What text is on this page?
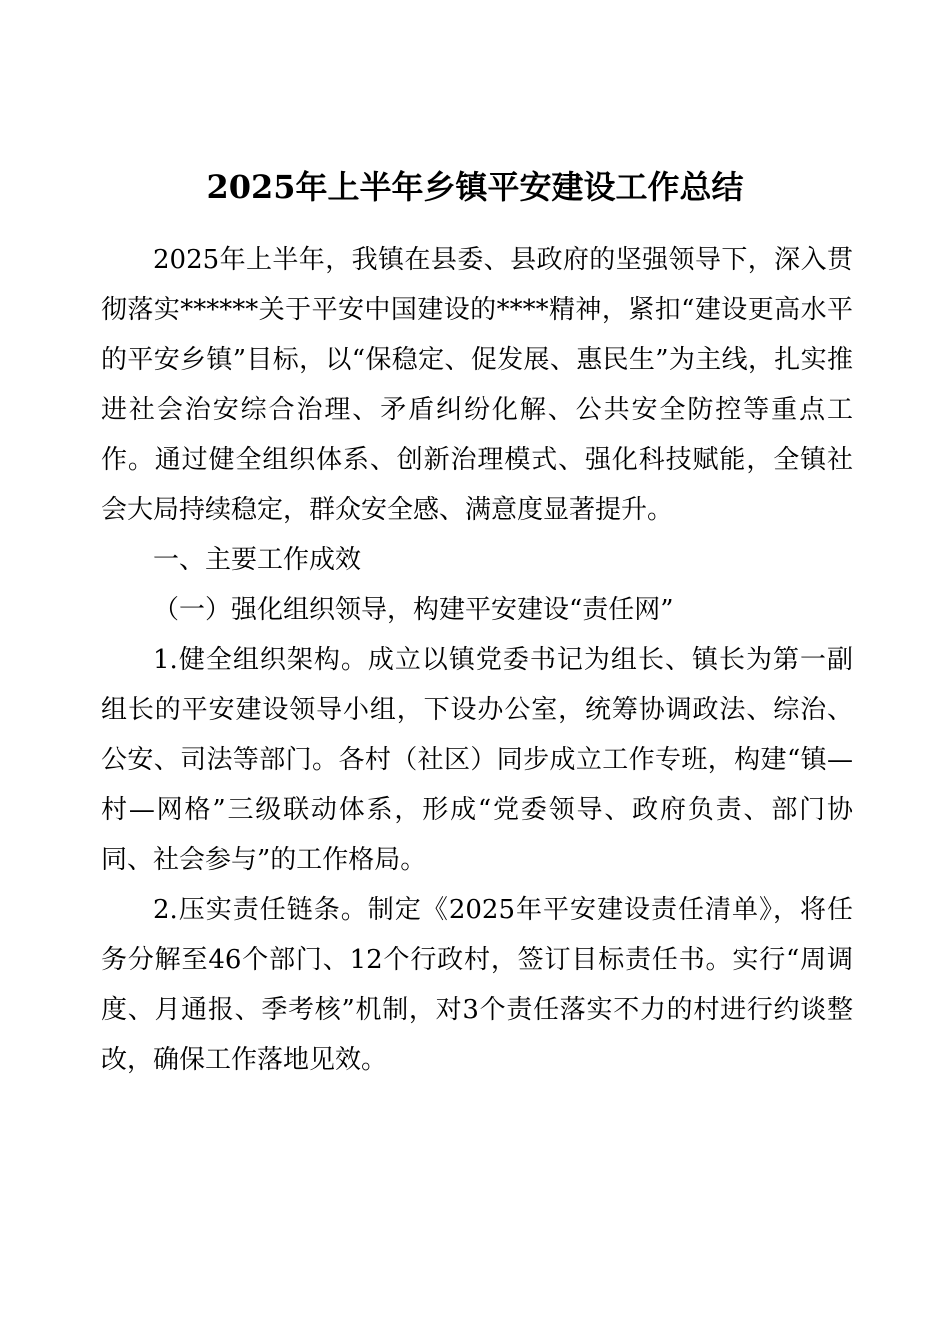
2025年上半年乡镇平安建设工作总结

2025年上半年，我镇在县委、县政府的坚强领导下，深入贯彻落实******关于平安中国建设的****精神，紧扣“建设更高水平的平安乡镇”目标，以“保稳定、促发展、惠民生”为主线，扎实推进社会治安综合治理、矛盾纠纷化解、公共安全防控等重点工作。通过健全组织体系、创新治理模式、强化科技赋能，全镇社会大局持续稳定，群众安全感、满意度显著提升。

一、主要工作成效

（一）强化组织领导，构建平安建设“责任网”

1.健全组织架构。成立以镇党委书记为组长、镇长为第一副组长的平安建设领导小组，下设办公室，统筹协调政法、综治、公安、司法等部门。各村（社区）同步成立工作专班，构建“镇—村—网格”三级联动体系，形成“党委领导、政府负责、部门协同、社会参与”的工作格局。

2.压实责任链条。制定《2025年平安建设责任清单》，将任务分解至46个部门、12个行政村，签订目标责任书。实行“周调度、月通报、季考核”机制，对3个责任落实不力的村进行约谈整改，确保工作落地见效。
